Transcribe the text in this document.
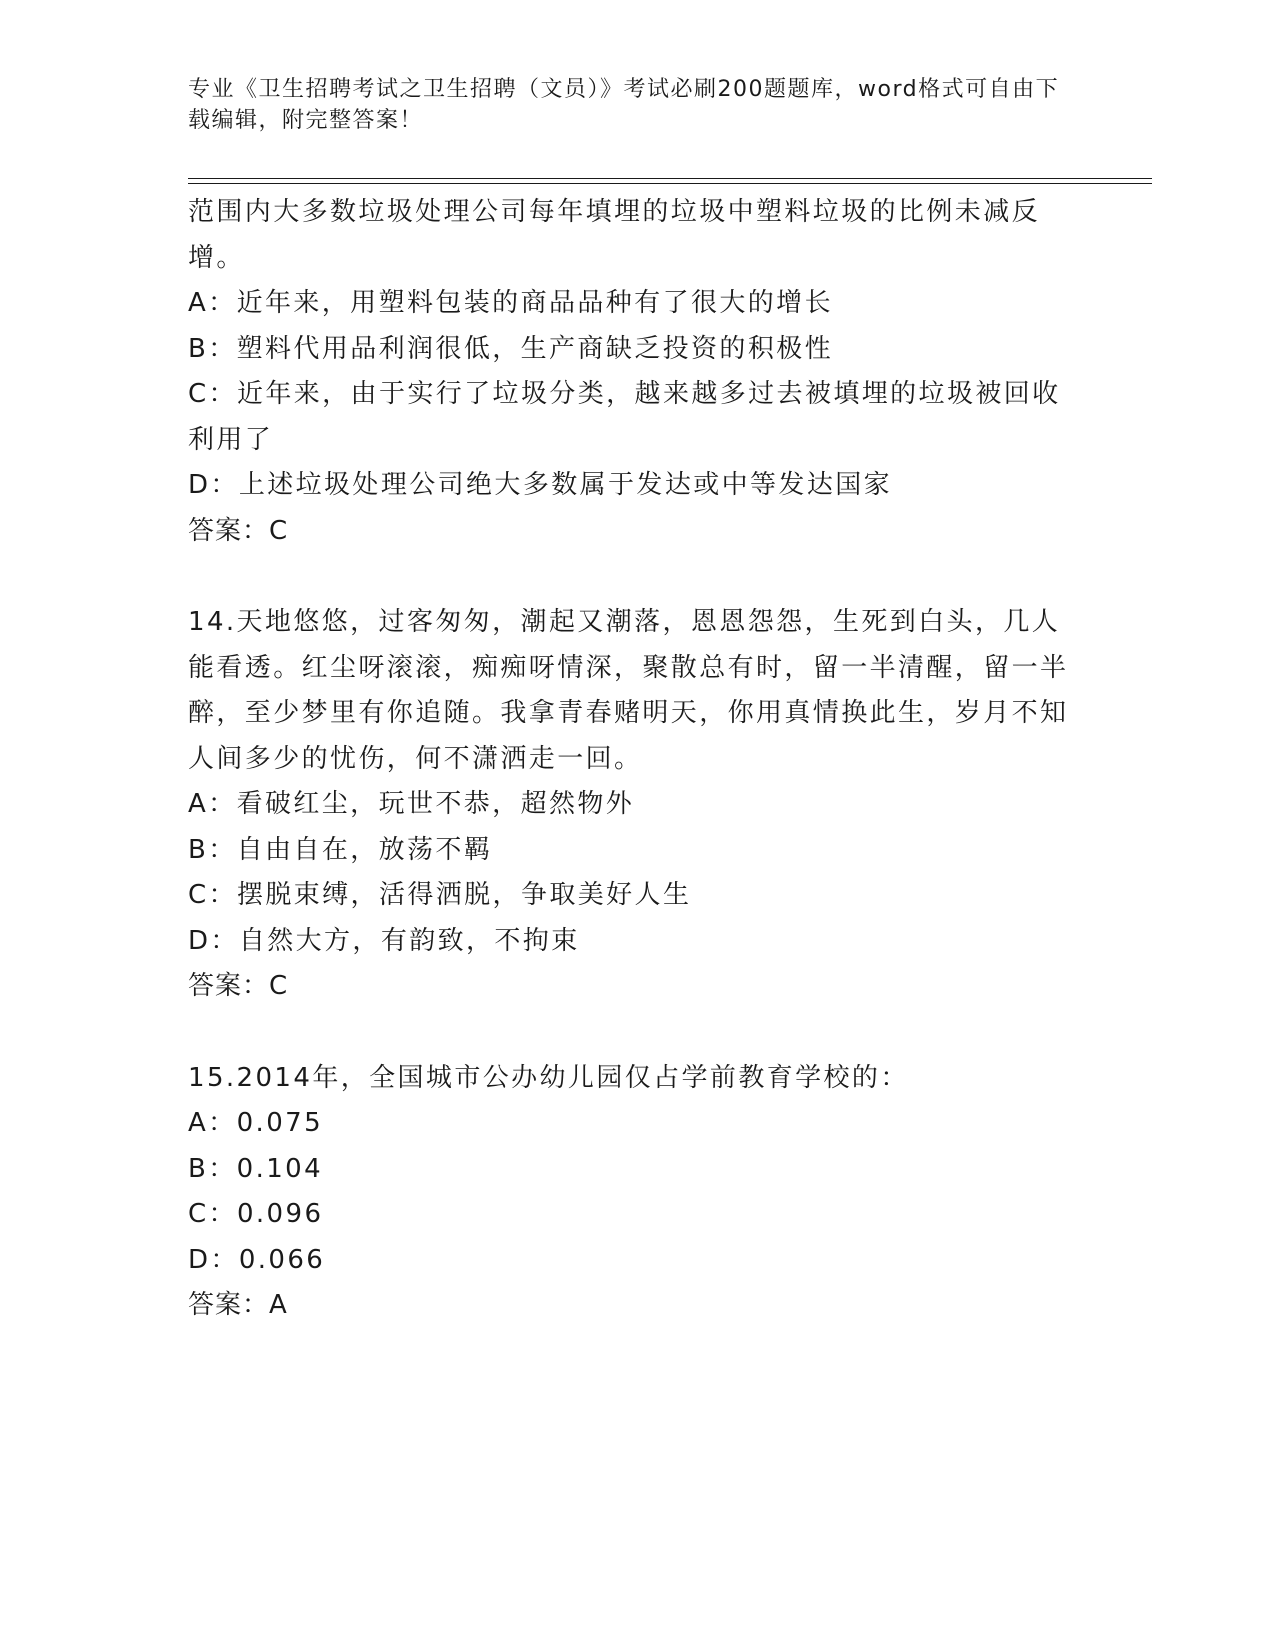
专业《卫生招聘考试之卫生招聘（文员）》考试必刷200题题库，word格式可自由下载编辑，附完整答案！

范围内大多数垃圾处理公司每年填埋的垃圾中塑料垃圾的比例未减反增。

A：近年来，用塑料包装的商品品种有了很大的增长

B：塑料代用品利润很低，生产商缺乏投资的积极性

C：近年来，由于实行了垃圾分类，越来越多过去被填埋的垃圾被回收利用了

D：上述垃圾处理公司绝大多数属于发达或中等发达国家

答案：C

14.天地悠悠，过客匆匆，潮起又潮落，恩恩怨怨，生死到白头，几人能看透。红尘呀滚滚，痴痴呀情深，聚散总有时，留一半清醒，留一半醉，至少梦里有你追随。我拿青春赌明天，你用真情换此生，岁月不知人间多少的忧伤，何不潇洒走一回。

A：看破红尘，玩世不恭，超然物外

B：自由自在，放荡不羁

C：摆脱束缚，活得洒脱，争取美好人生

D：自然大方，有韵致，不拘束

答案：C

15.2014年，全国城市公办幼儿园仅占学前教育学校的：

A：0.075

B：0.104

C：0.096

D：0.066

答案：A
